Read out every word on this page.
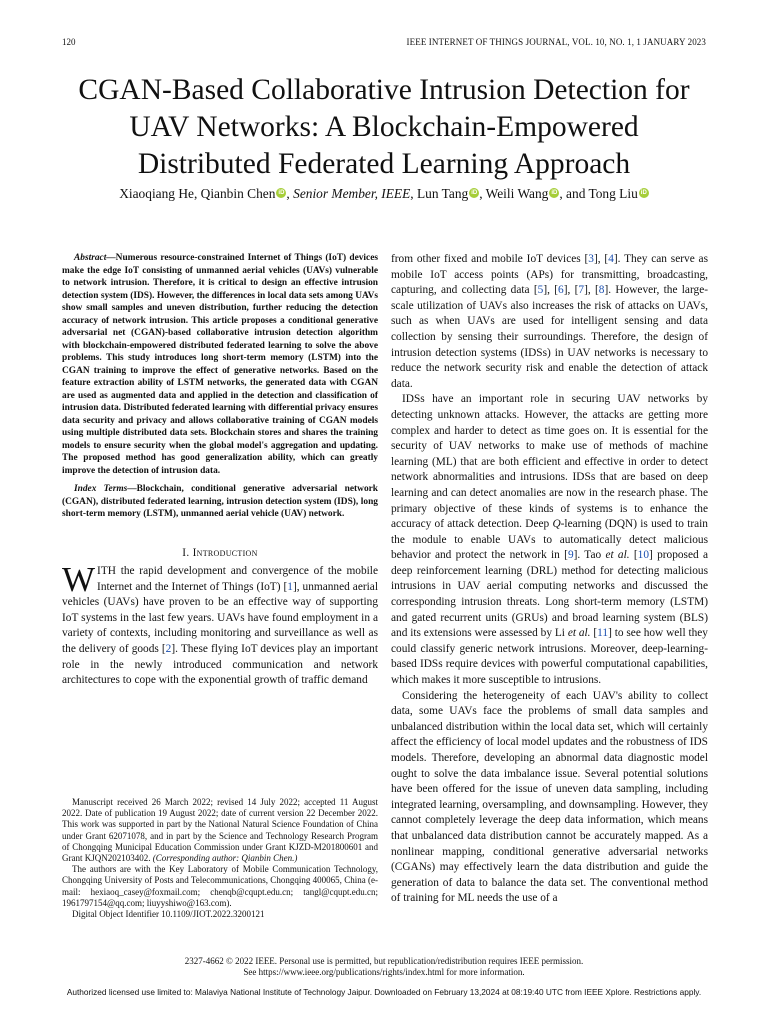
120	IEEE INTERNET OF THINGS JOURNAL, VOL. 10, NO. 1, 1 JANUARY 2023
CGAN-Based Collaborative Intrusion Detection for
UAV Networks: A Blockchain-Empowered
Distributed Federated Learning Approach
Xiaoqiang He, Qianbin Chen iD , Senior Member, IEEE, Lun Tang iD , Weili Wang iD , and Tong Liu iD

Abstract—Numerous resource-constrained Internet of Things (IoT) devices make the edge IoT consisting of unmanned aerial vehicles (UAVs) vulnerable to network intrusion. Therefore, it is critical to design an effective intrusion detection system (IDS). However, the differences in local data sets among UAVs show small samples and uneven distribution, further reducing the detection accuracy of network intrusion. This article proposes a conditional generative adversarial net (CGAN)-based collaborative intrusion detection algorithm with blockchain-empowered distributed federated learning to solve the above problems. This study introduces long short-term memory (LSTM) into the CGAN training to improve the effect of generative networks. Based on the feature extraction ability of LSTM networks, the generated data with CGAN are used as augmented data and applied in the detection and classification of intrusion data. Distributed federated learning with differential privacy ensures data security and privacy and allows collaborative training of CGAN models using multiple distributed data sets. Blockchain stores and shares the training models to ensure security when the global model's aggregation and updating. The proposed method has good generalization ability, which can greatly improve the detection of intrusion data.

Index Terms—Blockchain, conditional generative adversarial network (CGAN), distributed federated learning, intrusion detection system (IDS), long short-term memory (LSTM), unmanned aerial vehicle (UAV) network.

I. Introduction

WITH the rapid development and convergence of the mobile Internet and the Internet of Things (IoT) [1], unmanned aerial vehicles (UAVs) have proven to be an effective way of supporting IoT systems in the last few years. UAVs have found employment in a variety of contexts, including monitoring and surveillance as well as the delivery of goods [2]. These flying IoT devices play an important role in the newly introduced communication and network architectures to cope with the exponential growth of traffic demand

Manuscript received 26 March 2022; revised 14 July 2022; accepted 11 August 2022. Date of publication 19 August 2022; date of current version 22 December 2022. This work was supported in part by the National Natural Science Foundation of China under Grant 62071078, and in part by the Science and Technology Research Program of Chongqing Municipal Education Commission under Grant KJZD-M201800601 and Grant KJQN202103402. (Corresponding author: Qianbin Chen.)

The authors are with the Key Laboratory of Mobile Communication Technology, Chongqing University of Posts and Telecommunications, Chongqing 400065, China (e-mail: hexiaoq_casey@foxmail.com; chenqb@cqupt.edu.cn; tangl@cqupt.edu.cn; 1961797154@qq.com; liuyyshiwo@163.com).

Digital Object Identifier 10.1109/JIOT.2022.3200121

from other fixed and mobile IoT devices [3], [4]. They can serve as mobile IoT access points (APs) for transmitting, broadcasting, capturing, and collecting data [5], [6], [7], [8]. However, the large-scale utilization of UAVs also increases the risk of attacks on UAVs, such as when UAVs are used for intelligent sensing and data collection by sensing their surroundings. Therefore, the design of intrusion detection systems (IDSs) in UAV networks is necessary to reduce the network security risk and enable the detection of attack data.

IDSs have an important role in securing UAV networks by detecting unknown attacks. However, the attacks are getting more complex and harder to detect as time goes on. It is essential for the security of UAV networks to make use of methods of machine learning (ML) that are both efficient and effective in order to detect network abnormalities and intrusions. IDSs that are based on deep learning and can detect anomalies are now in the research phase. The primary objective of these kinds of systems is to enhance the accuracy of attack detection. Deep Q-learning (DQN) is used to train the module to enable UAVs to automatically detect malicious behavior and protect the network in [9]. Tao et al. [10] proposed a deep reinforcement learning (DRL) method for detecting malicious intrusions in UAV aerial computing networks and discussed the corresponding intrusion threats. Long short-term memory (LSTM) and gated recurrent units (GRUs) and broad learning system (BLS) and its extensions were assessed by Li et al. [11] to see how well they could classify generic network intrusions. Moreover, deep-learning-based IDSs require devices with powerful computational capabilities, which makes it more susceptible to intrusions.

Considering the heterogeneity of each UAV's ability to collect data, some UAVs face the problems of small data samples and unbalanced distribution within the local data set, which will certainly affect the efficiency of local model updates and the robustness of IDS models. Therefore, developing an abnormal data diagnostic model ought to solve the data imbalance issue. Several potential solutions have been offered for the issue of uneven data sampling, including integrated learning, oversampling, and downsampling. However, they cannot completely leverage the deep data information, which means that unbalanced data distribution cannot be accurately mapped. As a nonlinear mapping, conditional generative adversarial networks (CGANs) may effectively learn the data distribution and guide the generation of data to balance the data set. The conventional method of training for ML needs the use of a

2327-4662 © 2022 IEEE. Personal use is permitted, but republication/redistribution requires IEEE permission.
See https://www.ieee.org/publications/rights/index.html for more information.
Authorized licensed use limited to: Malaviya National Institute of Technology Jaipur. Downloaded on February 13,2024 at 08:19:40 UTC from IEEE Xplore. Restrictions apply.
